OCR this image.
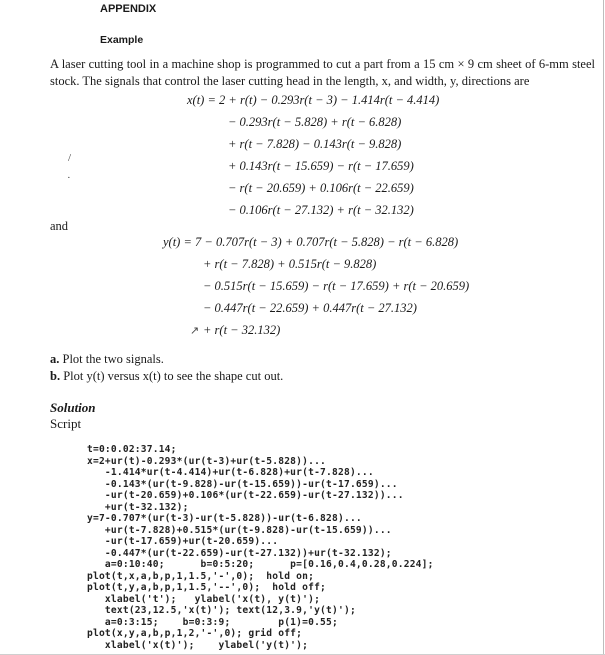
APPENDIX
Example
A laser cutting tool in a machine shop is programmed to cut a part from a 15 cm × 9 cm sheet of 6-mm steel stock. The signals that control the laser cutting head in the length, x, and width, y, directions are
x(t) = 2 + r(t) − 0.293r(t − 3) − 1.414r(t − 4.414)
− 0.293r(t − 5.828) + r(t − 6.828)
+ r(t − 7.828) − 0.143r(t − 9.828)
+ 0.143r(t − 15.659) − r(t − 17.659)
− r(t − 20.659) + 0.106r(t − 22.659)
− 0.106r(t − 27.132) + r(t − 32.132)
/
·
and
y(t) = 7 − 0.707r(t − 3) + 0.707r(t − 5.828) − r(t − 6.828)
+ r(t − 7.828) + 0.515r(t − 9.828)
− 0.515r(t − 15.659) − r(t − 17.659) + r(t − 20.659)
− 0.447r(t − 22.659) + 0.447r(t − 27.132)
↗ + r(t − 32.132)
a. Plot the two signals.
b. Plot y(t) versus x(t) to see the shape cut out.
Solution
Script
t=0:0.02:37.14;
x=2+ur(t)-0.293*(ur(t-3)+ur(t-5.828))...
-1.414*ur(t-4.414)+ur(t-6.828)+ur(t-7.828)...
-0.143*(ur(t-9.828)-ur(t-15.659))-ur(t-17.659)...
-ur(t-20.659)+0.106*(ur(t-22.659)-ur(t-27.132))...
+ur(t-32.132);
y=7-0.707*(ur(t-3)-ur(t-5.828))-ur(t-6.828)...
+ur(t-7.828)+0.515*(ur(t-9.828)-ur(t-15.659))...
-ur(t-17.659)+ur(t-20.659)...
-0.447*(ur(t-22.659)-ur(t-27.132))+ur(t-32.132);
a=0:10:40;      b=0:5:20;      p=[0.16,0.4,0.28,0.224];
plot(t,x,a,b,p,1,1.5,'-',0);  hold on;
plot(t,y,a,b,p,1,1.5,'--',0);  hold off;
xlabel('t');   ylabel('x(t), y(t)');
text(23,12.5,'x(t)'); text(12,3.9,'y(t)');
a=0:3:15;    b=0:3:9;        p(1)=0.55;
plot(x,y,a,b,p,1,2,'-',0); grid off;
xlabel('x(t)');    ylabel('y(t)');
